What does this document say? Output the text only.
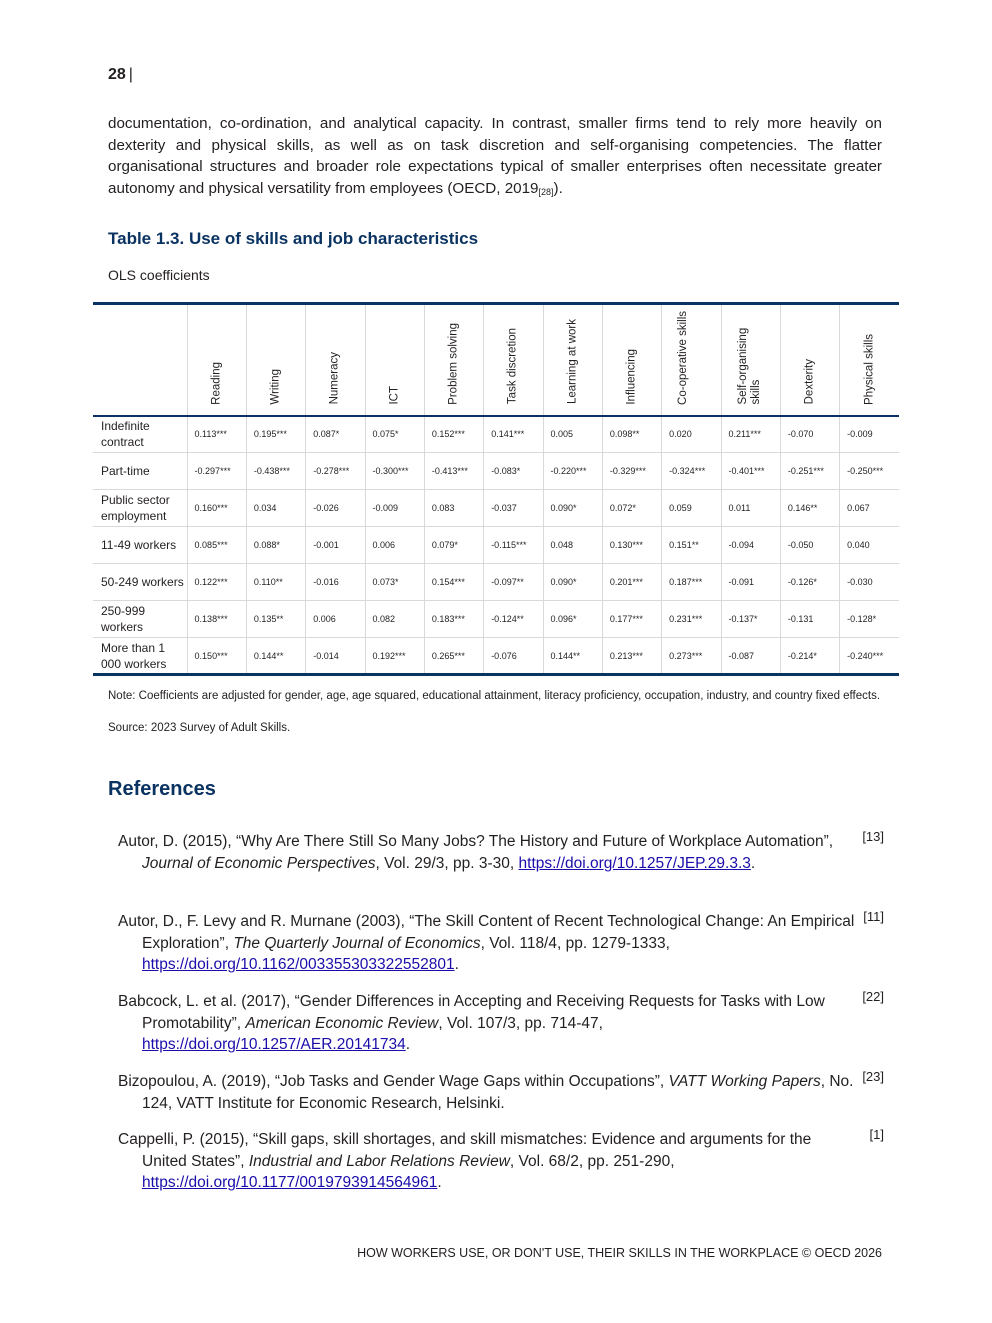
28 |
documentation, co-ordination, and analytical capacity. In contrast, smaller firms tend to rely more heavily on dexterity and physical skills, as well as on task discretion and self-organising competencies. The flatter organisational structures and broader role expectations typical of smaller enterprises often necessitate greater autonomy and physical versatility from employees (OECD, $2019_{[28]}$).
Table 1.3. Use of skills and job characteristics
OLS coefficients

	Reading	Writing	Numeracy	ICT	Problem solving	Task discretion	Learning at work	Influencing	Co-operative skills	Self-organising skills	Dexterity	Physical skills

Indefinite contract	0.113***	0.195***	0.087*	0.075*	0.152***	0.141***	0.005	0.098**	0.020	0.211***	-0.070	-0.009
Part-time	-0.297***	-0.438***	-0.278***	-0.300***	-0.413***	-0.083*	-0.220***	-0.329***	-0.324***	-0.401***	-0.251***	-0.250***
Public sector employment	0.160***	0.034	-0.026	-0.009	0.083	-0.037	0.090*	0.072*	0.059	0.011	0.146**	0.067
11-49 workers	0.085***	0.088*	-0.001	0.006	0.079*	-0.115***	0.048	0.130***	0.151**	-0.094	-0.050	0.040
50-249 workers	0.122***	0.110**	-0.016	0.073*	0.154***	-0.097**	0.090*	0.201***	0.187***	-0.091	-0.126*	-0.030
250-999 workers	0.138***	0.135**	0.006	0.082	0.183***	-0.124**	0.096*	0.177***	0.231***	-0.137*	-0.131	-0.128*
More than 1 000 workers	0.150***	0.144**	-0.014	0.192***	0.265***	-0.076	0.144**	0.213***	0.273***	-0.087	-0.214*	-0.240***
Note: Coefficients are adjusted for gender, age, age squared, educational attainment, literacy proficiency, occupation, industry, and country fixed effects.
Source: 2023 Survey of Adult Skills.
References
Autor, D. (2015), “Why Are There Still So Many Jobs? The History and Future of Workplace Automation”, Journal of Economic Perspectives, Vol. 29/3, pp. 3-30, https://doi.org/10.1257/JEP.29.3.3.
[13]
Autor, D., F. Levy and R. Murnane (2003), “The Skill Content of Recent Technological Change: An Empirical Exploration”, The Quarterly Journal of Economics, Vol. 118/4, pp. 1279-1333, https://doi.org/10.1162/003355303322552801.
[11]
Babcock, L. et al. (2017), “Gender Differences in Accepting and Receiving Requests for Tasks with Low Promotability”, American Economic Review, Vol. 107/3, pp. 714-47, https://doi.org/10.1257/AER.20141734.
[22]
Bizopoulou, A. (2019), “Job Tasks and Gender Wage Gaps within Occupations”, VATT Working Papers, No. 124, VATT Institute for Economic Research, Helsinki.
[23]
Cappelli, P. (2015), “Skill gaps, skill shortages, and skill mismatches: Evidence and arguments for the United States”, Industrial and Labor Relations Review, Vol. 68/2, pp. 251-290, https://doi.org/10.1177/0019793914564961.
[1]
HOW WORKERS USE, OR DON'T USE, THEIR SKILLS IN THE WORKPLACE © OECD 2026
